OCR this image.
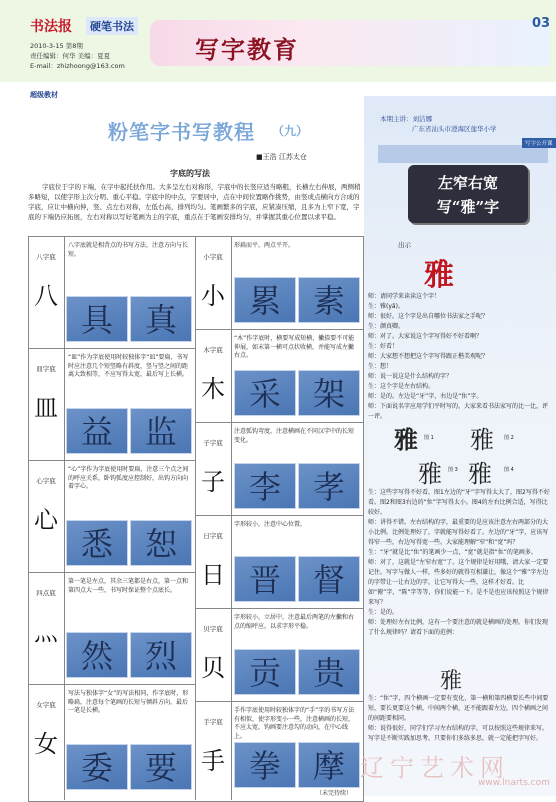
书法报	硬笔书法
2010-3-15 第8期
责任编辑：何华 美编：夏夏
E-mail：zhizhoong@163.com
写字教育
03
超级教材
粉笔字书写教程 （九）
■王浩 江苏太仓
字底的写法
字底位于字的下端，在字中起托扶作用。大多呈左右对称形，字底中的长竖应适当略粗，长横左右伸展，两侧稍多略短，以使字形主次分明、重心平稳。字底中的中点，字要居中，点在中间位置略作挑势，由竖或点横向方合成的字底，应让中横向伸，竖、点左右对称，左低右高，排列均匀。笔画繁多的字底，应紧凑压缩，且多为上窄下宽，字底的下端仍应拓展，左右对称以写好笔画为主的字底，重点在于笔画安排均匀，并掌握其重心位置以求平稳。
八字底
八
八字底就是相背点的书写方法，注意方向与长短。
具 真
皿字底
皿
“皿”作为字底使用时较独体字“皿”要扁，书写时应注意几个短竖略有斜度，竖与竖之间的距离大致相等，不应写得太宽，最后写上长横。
益 监
心字底
心
“心”字作为字底使用时要扁，注意三个点之间的呼应关系，卧钩弧度应控制好，出钩方向向着字心。
悉 恕
四点底
灬
第一笔是左点，其余三笔都是右点，第一点和第四点大一些，书写时保证整个点底长。
然 烈
女字底
女
写法与独体字“女”的写法相同，作字底时，形略扁，注意每个笔画的长短与倾斜方向，最后一笔是长横。
委 要
小字底
小
形扁而平，两点平开。
累 素
木字底
木
“木”作字底时，横要写成短横，撇捺要不可能伸展，如末第一横可点状收横，并能写成左撇右点。
采 架
子字底
子
注意弧钩弯度，注意横画在不同汉字中的长短变化。
李 孝
日字底
日
字形较小，注意中心位置。
晋 督
贝字底
贝
字形较小，立居中，注意最后两笔的左撇和右点的缩呼应，以求字形平稳。
贡 贵
手字底
手
手作字底使用时较独体字的“手”字的书写方法有相似，使字形变小一些，注意横画的长短，不应太宽，钩画要注意勾的动向，在中心线上。
拳 摩
（未完待续）
本期主讲：刘洁娜
广东省汕头市澄海区莲华小学
写字公开课
左窄右宽
写“雅”字
出示
雅
师：请同学来读读这个字！
生：雅(yǎ)。
师：很好。这个字是出自哪位书法家之手呢？
生：颜真卿。
师：对了。大家说这个字写得好不好看啊？
生：好看！
师：大家想不想把这个字写得跟正楷美观呢？
生：想！
师：说一说这是什么结构的字？
生：这个字是左右结构。
师：是的。左边是“牙”字，右边是“隹”字。
师：下面说名字应用学们平时写的，大家来看书法家写的比一比，评一评。
雅 图 1 雅 图 2
雅 图 3 雅 图 4
生：这些字写得不好看，图1左边的“牙”字写得太大了，图2写得不好看。图2和图3右边的“隹”字写得太小。图4的左右比例合适，写得比较好。
师：讲得不错。左右结构的字，最重要的是应该注意左右两部分的大小比例。比例处理好了，字就能写得好看了。左边的“牙”字，应该写得窄一些，右边写得宽一些。大家能理解“窄”和“宽”吗？
生：“牙”就是比“隹”的笔画少一点，“宽”就是指“隹”的笔画多。
师：对了，这就是“左窄右宽”了。这个规律是好用哦，请大家一定要记住。写字与做人一样，些多好的就得互相谦让，像这个“雅”字左边的字带让一让右边的字，让它写得大一些，这样才好看。比如“俯”字，“陈”字等等，你们说能一下。是不是也应该按照这个规律来写？
生：是的。
师：处理好左右比例，这有一个要注意的就是横画的处理。你们发现了什么规律吗？请看下面的范例：
雅
生：“隹”字，四个横画一定要有变化，第一横和第四横要长些中间要短，要长更要这个横，中间两个横，还不能跟着左边，四个横画之间的间距要相同。
师：说得很好，同学们学习左右结构的字，可以按照这些规律来写。写字是不断实践加思考，只要你们多练多思，就一定能把字写好。
辽宁艺术网
www.lnarts.com
